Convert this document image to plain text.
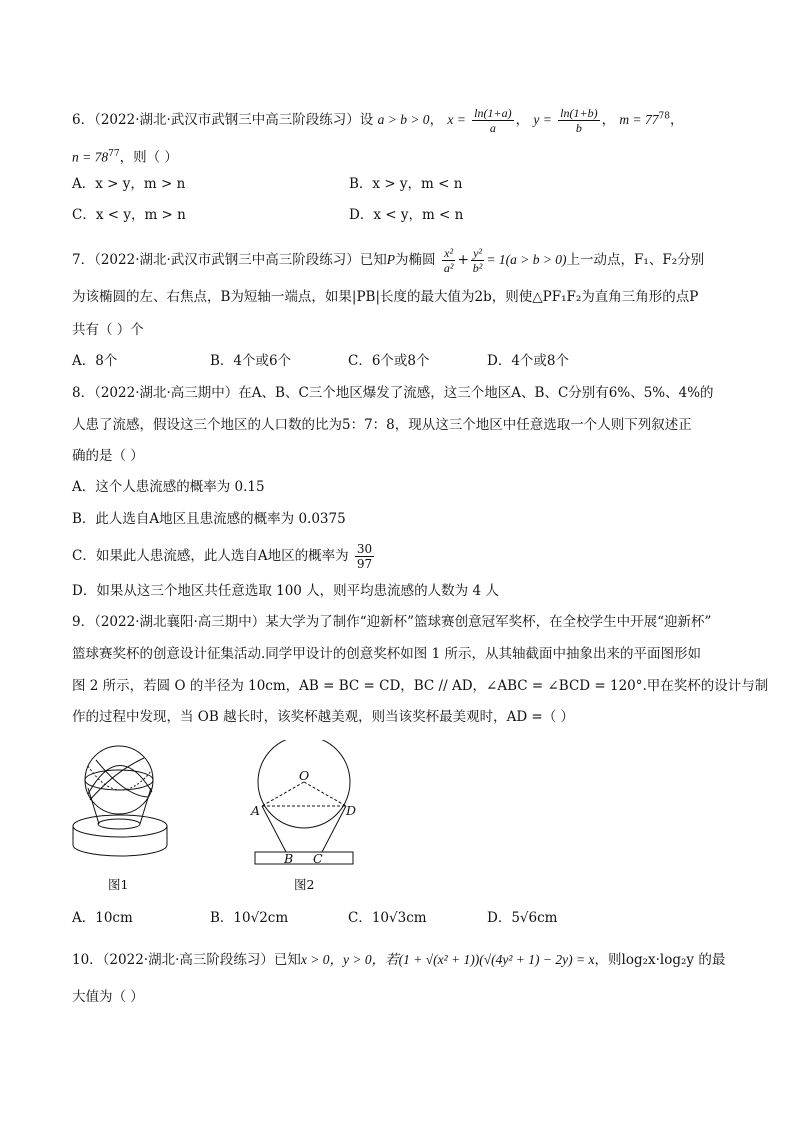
6．（2022·湖北·武汉市武钢三中高三阶段练习）设 a > b > 0， $x = \frac{\ln(1+a)}{a}$ ， $y = \frac{\ln(1+b)}{b}$ ， $m = 77^{78}$，
$n = 78^{77}$，则（ ）
A．x > y，m > n	B．x > y，m < n
C．x < y，m > n	D．x < y，m < n
7．（2022·湖北·武汉市武钢三中高三阶段练习）已知P为椭圆 $\frac{\text{x²}}{\text{a²}} + \frac{\text{y²}}{\text{b²}} = 1(a > b > 0)$上一动点，F₁、F₂分别
为该椭圆的左、右焦点，B为短轴一端点，如果|PB|长度的最大值为2b，则使△PF₁F₂为直角三角形的点P
共有（ ）个
A．8个	B．4个或6个	C．6个或8个	D．4个或8个
8．（2022·湖北·高三期中）在A、B、C三个地区爆发了流感，这三个地区A、B、C分别有6%、5%、4%的
人患了流感，假设这三个地区的人口数的比为5：7：8，现从这三个地区中任意选取一个人则下列叙述正
确的是（ ）
A．这个人患流感的概率为 0.15
B．此人选自A地区且患流感的概率为 0.0375
C．如果此人患流感，此人选自A地区的概率为 $\frac{30}{97}$
D．如果从这三个地区共任意选取 100 人，则平均患流感的人数为 4 人
9．（2022·湖北襄阳·高三期中）某大学为了制作“迎新杯”篮球赛创意冠军奖杯，在全校学生中开展“迎新杯”
篮球赛奖杯的创意设计征集活动.同学甲设计的创意奖杯如图 1 所示，从其轴截面中抽象出来的平面图形如
图 2 所示，若圆 O 的半径为 10cm，AB = BC = CD，BC // AD，∠ABC = ∠BCD = 120°.甲在奖杯的设计与制
作的过程中发现，当 OB 越长时，该奖杯越美观，则当该奖杯最美观时，AD =（ ）
图1
O
A	D
B C
图2
A．10cm	B．10√2cm	C．10√3cm	D．5√6cm
10．（2022·湖北·高三阶段练习）已知x > 0，y > 0，若(1 + √(x² + 1))(√(4y² + 1) − 2y) = x，则log₂x·log₂y 的最
大值为（ ）
